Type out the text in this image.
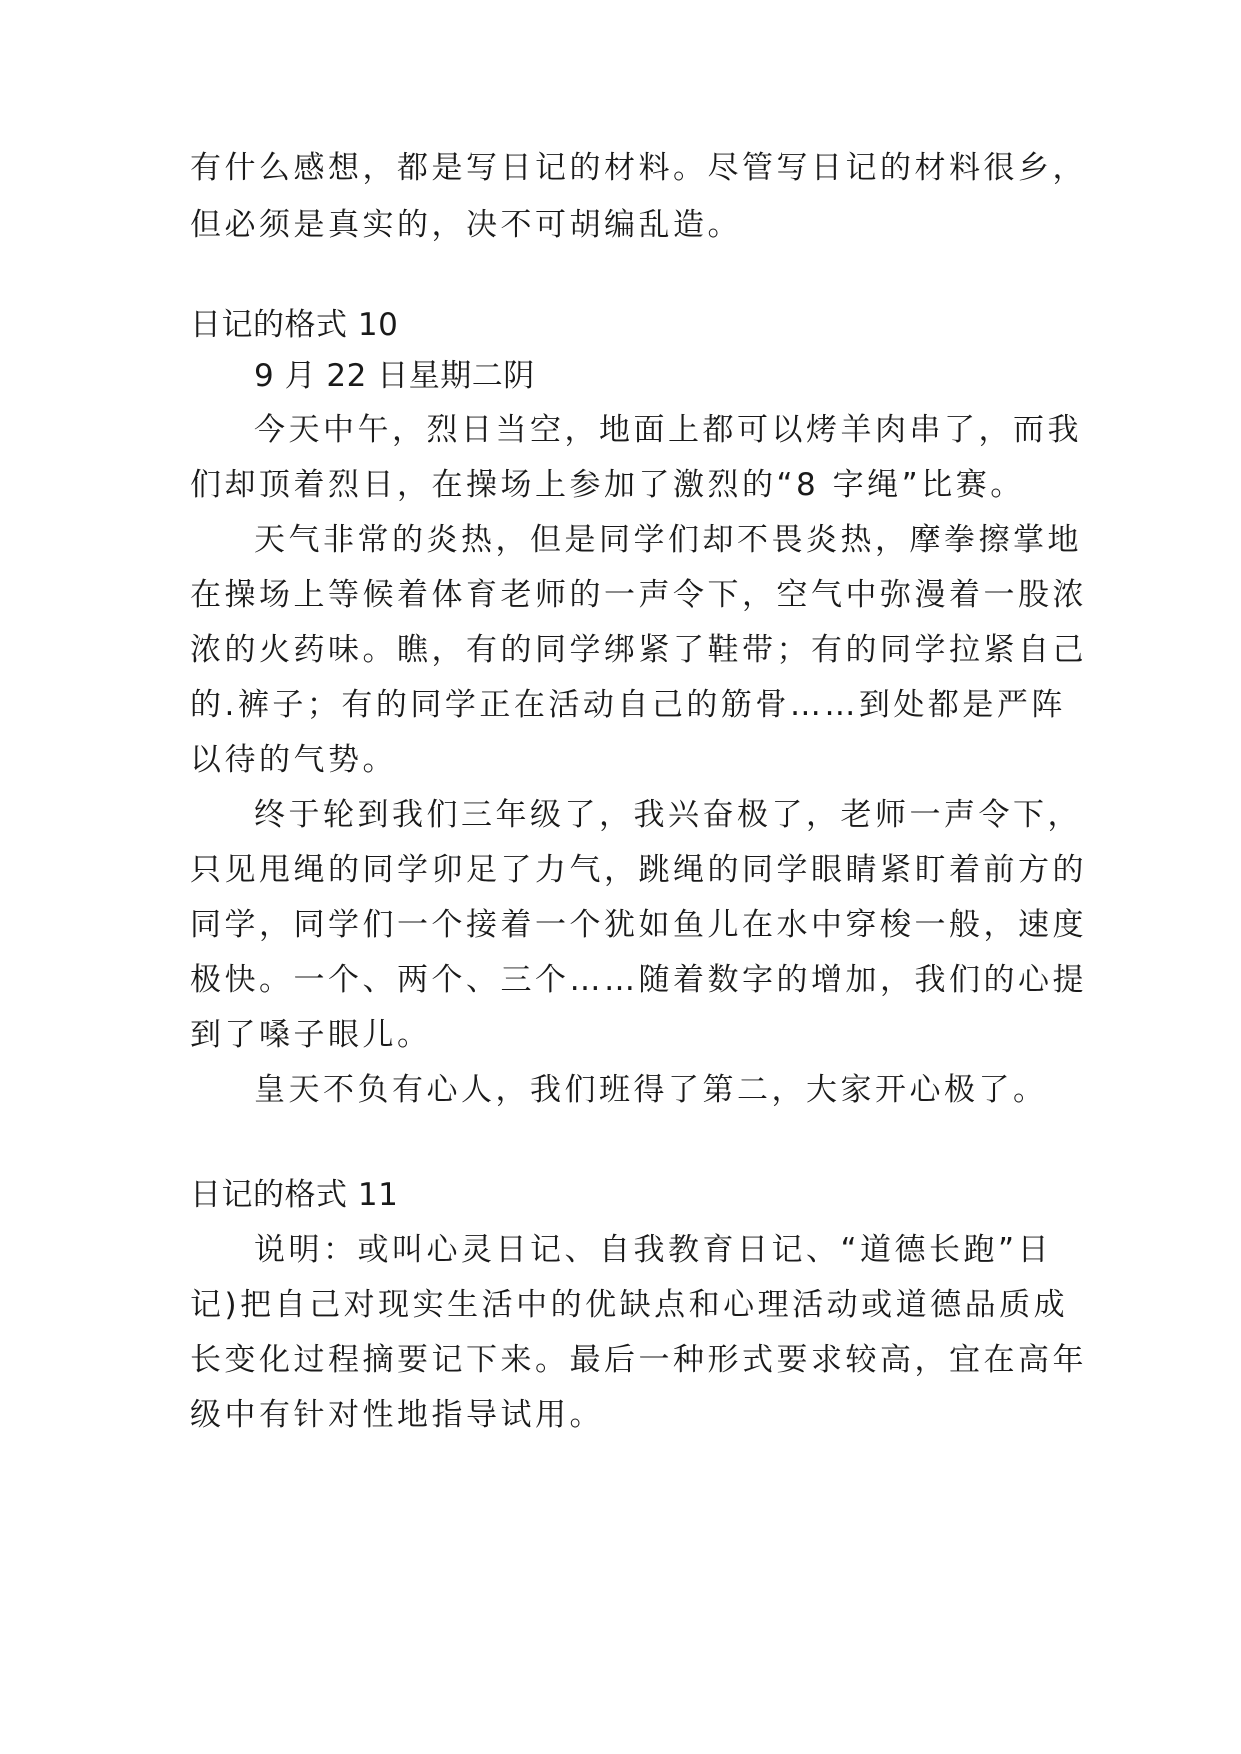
有什么感想，都是写日记的材料。尽管写日记的材料很乡，
但必须是真实的，决不可胡编乱造。
日记的格式 10
9 月 22 日星期二阴
今天中午，烈日当空，地面上都可以烤羊肉串了，而我
们却顶着烈日，在操场上参加了激烈的“8 字绳”比赛。
天气非常的炎热，但是同学们却不畏炎热，摩拳擦掌地
在操场上等候着体育老师的一声令下，空气中弥漫着一股浓
浓的火药味。瞧，有的同学绑紧了鞋带；有的同学拉紧自己
的.裤子；有的同学正在活动自己的筋骨……到处都是严阵
以待的气势。
终于轮到我们三年级了，我兴奋极了，老师一声令下，
只见甩绳的同学卯足了力气，跳绳的同学眼睛紧盯着前方的
同学，同学们一个接着一个犹如鱼儿在水中穿梭一般，速度
极快。一个、两个、三个……随着数字的增加，我们的心提
到了嗓子眼儿。
皇天不负有心人，我们班得了第二，大家开心极了。
日记的格式 11
说明：或叫心灵日记、自我教育日记、“道德长跑”日
记)把自己对现实生活中的优缺点和心理活动或道德品质成
长变化过程摘要记下来。最后一种形式要求较高，宜在高年
级中有针对性地指导试用。
